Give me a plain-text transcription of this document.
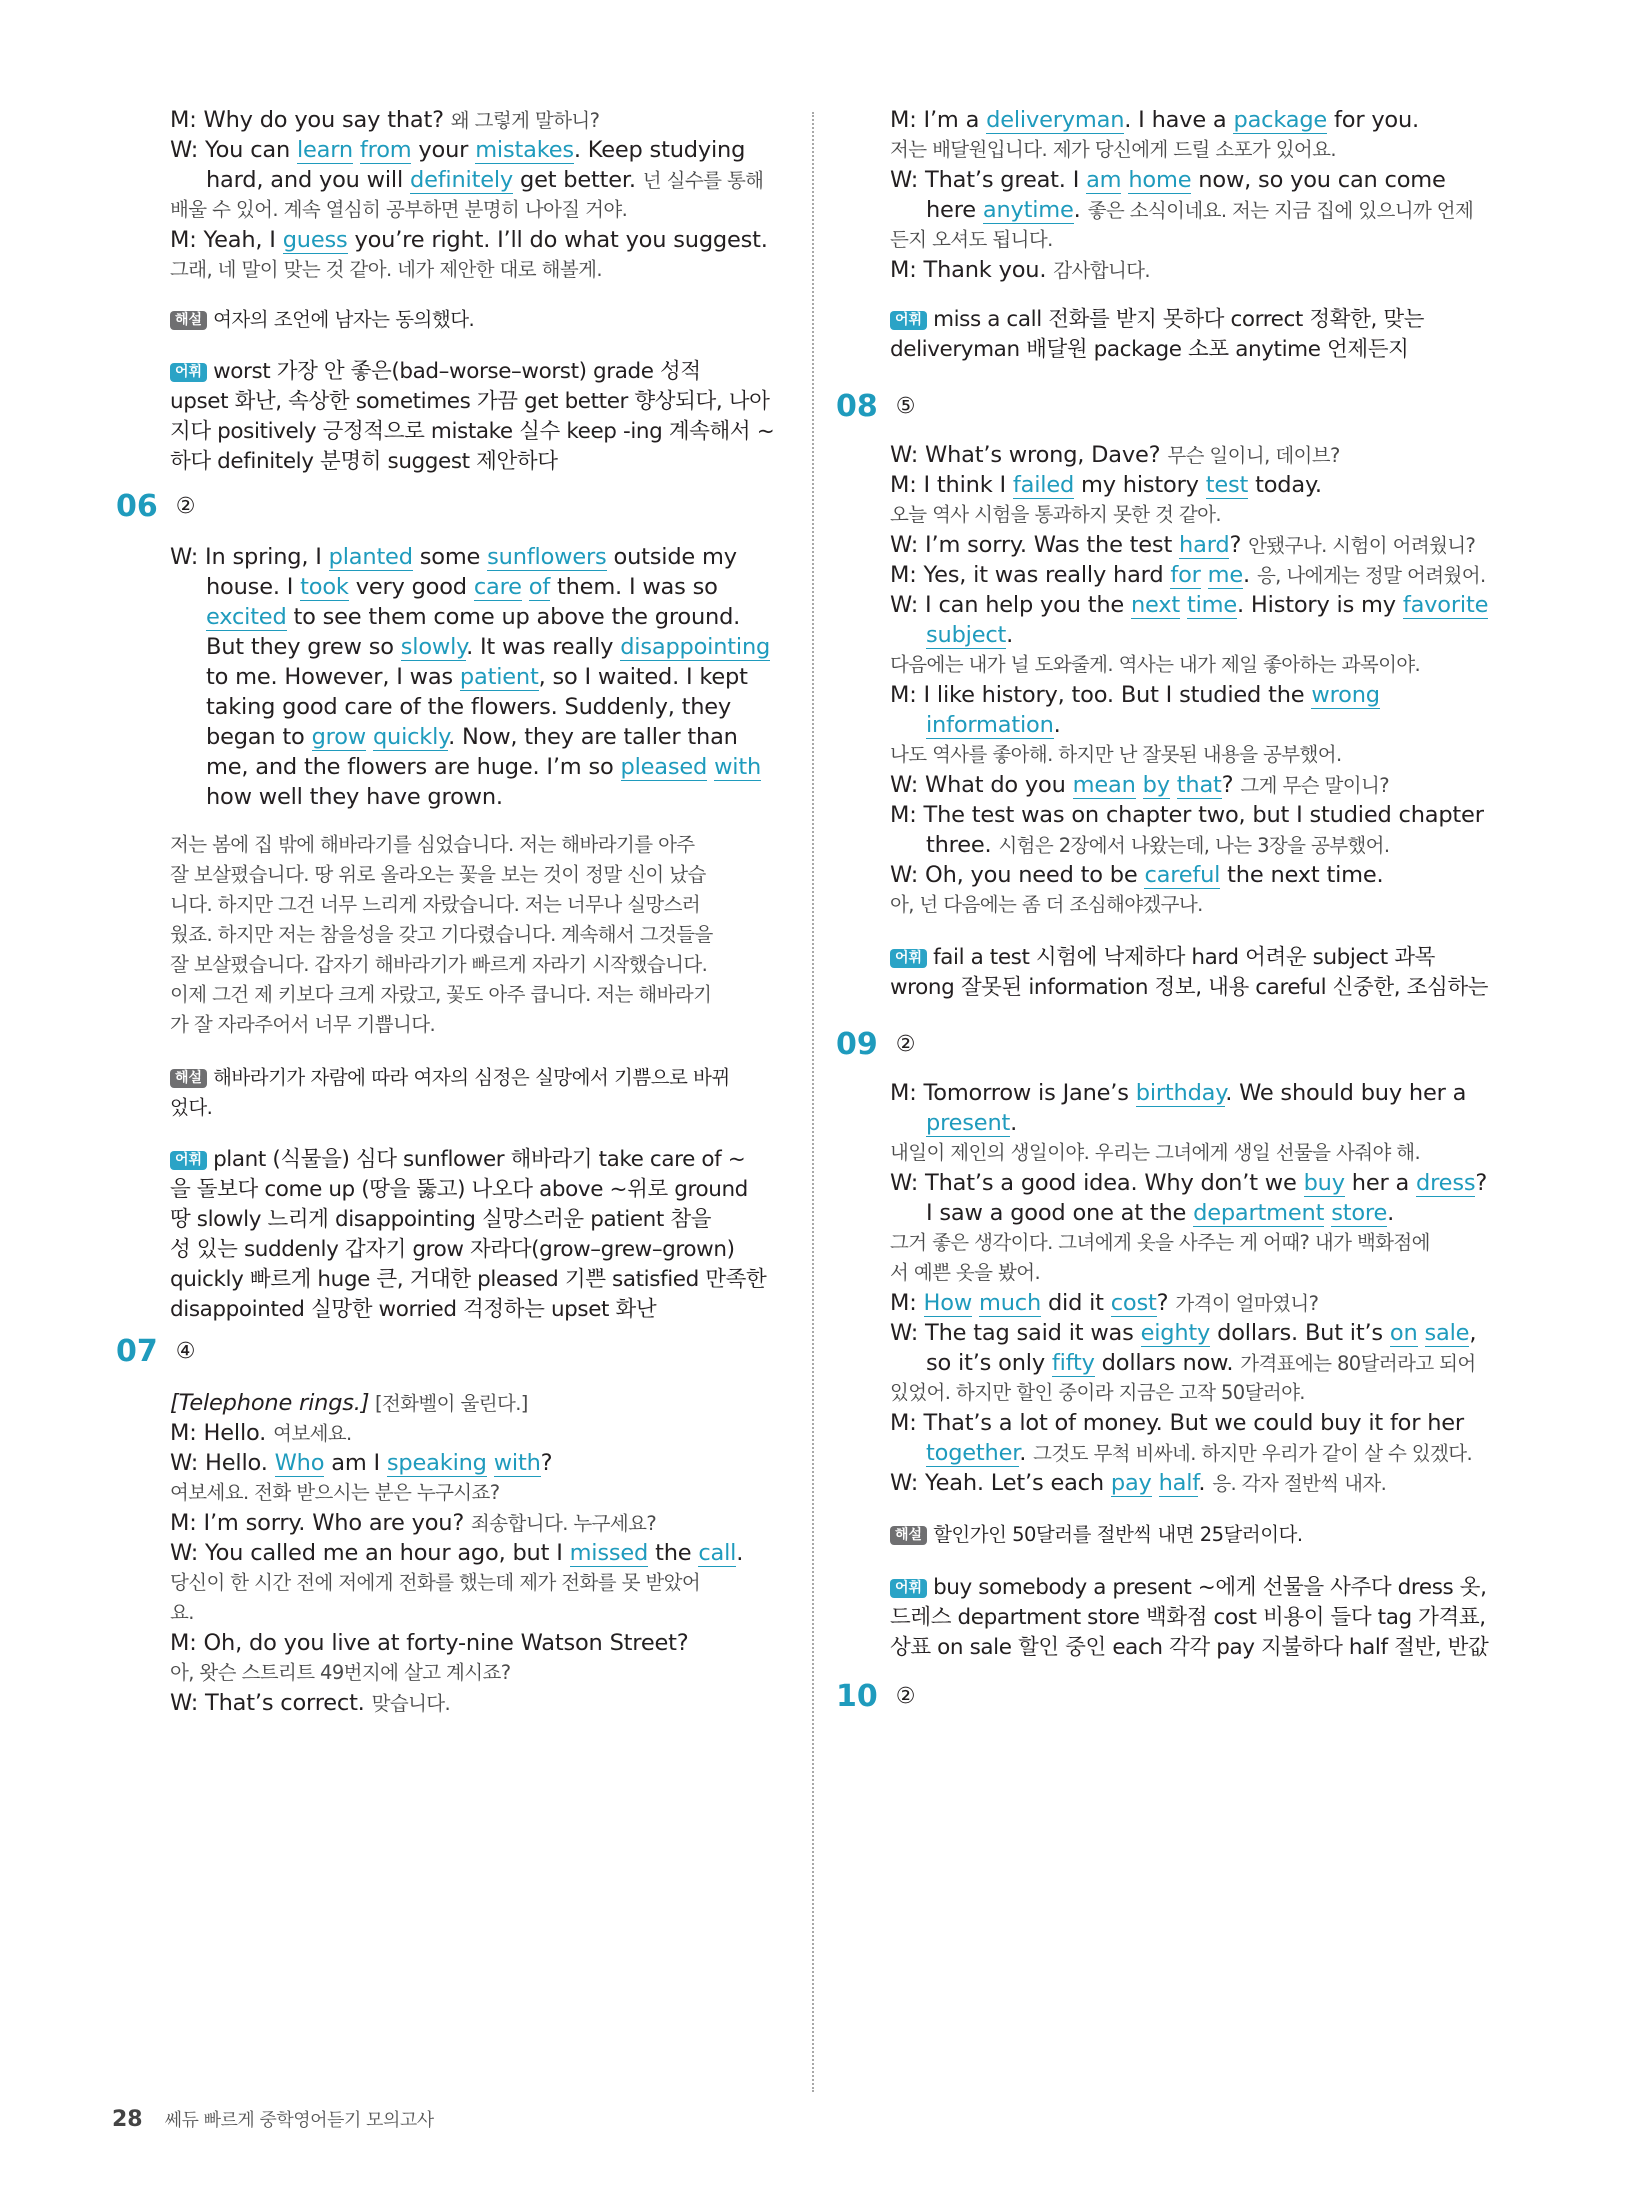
M: Why do you say that? 왜 그렇게 말하니?
W: You can learn from your mistakes. Keep studying
hard, and you will definitely get better. 넌 실수를 통해
배울 수 있어. 계속 열심히 공부하면 분명히 나아질 거야.
M: Yeah, I guess you’re right. I’ll do what you suggest.
그래, 네 말이 맞는 것 같아. 네가 제안한 대로 해볼게.
해설 여자의 조언에 남자는 동의했다.
어휘 worst 가장 안 좋은(bad–worse–worst) grade 성적
upset 화난, 속상한 sometimes 가끔 get better 향상되다, 나아
지다 positively 긍정적으로 mistake 실수 keep -ing 계속해서 ~
하다 definitely 분명히 suggest 제안하다
06 ②
W: In spring, I planted some sunflowers outside my
house. I took very good care of them. I was so
excited to see them come up above the ground.
But they grew so slowly. It was really disappointing
to me. However, I was patient, so I waited. I kept
taking good care of the flowers. Suddenly, they
began to grow quickly. Now, they are taller than
me, and the flowers are huge. I’m so pleased with
how well they have grown.
저는 봄에 집 밖에 해바라기를 심었습니다. 저는 해바라기를 아주
잘 보살폈습니다. 땅 위로 올라오는 꽃을 보는 것이 정말 신이 났습
니다. 하지만 그건 너무 느리게 자랐습니다. 저는 너무나 실망스러
웠죠. 하지만 저는 참을성을 갖고 기다렸습니다. 계속해서 그것들을
잘 보살폈습니다. 갑자기 해바라기가 빠르게 자라기 시작했습니다.
이제 그건 제 키보다 크게 자랐고, 꽃도 아주 큽니다. 저는 해바라기
가 잘 자라주어서 너무 기쁩니다.
해설 해바라기가 자람에 따라 여자의 심정은 실망에서 기쁨으로 바뀌
었다.
어휘 plant (식물을) 심다 sunflower 해바라기 take care of ~
을 돌보다 come up (땅을 뚫고) 나오다 above ~위로 ground
땅 slowly 느리게 disappointing 실망스러운 patient 참을
성 있는 suddenly 갑자기 grow 자라다(grow–grew–grown)
quickly 빠르게 huge 큰, 거대한 pleased 기쁜 satisfied 만족한
disappointed 실망한 worried 걱정하는 upset 화난
07 ④
[Telephone rings.] [전화벨이 울린다.]
M: Hello. 여보세요.
W: Hello. Who am I speaking with?
여보세요. 전화 받으시는 분은 누구시죠?
M: I’m sorry. Who are you? 죄송합니다. 누구세요?
W: You called me an hour ago, but I missed the call.
당신이 한 시간 전에 저에게 전화를 했는데 제가 전화를 못 받았어
요.
M: Oh, do you live at forty-nine Watson Street?
아, 왓슨 스트리트 49번지에 살고 계시죠?
W: That’s correct. 맞습니다.
M: I’m a deliveryman. I have a package for you.
저는 배달원입니다. 제가 당신에게 드릴 소포가 있어요.
W: That’s great. I am home now, so you can come
here anytime. 좋은 소식이네요. 저는 지금 집에 있으니까 언제
든지 오셔도 됩니다.
M: Thank you. 감사합니다.
어휘 miss a call 전화를 받지 못하다 correct 정확한, 맞는
deliveryman 배달원 package 소포 anytime 언제든지
08 ⑤
W: What’s wrong, Dave? 무슨 일이니, 데이브?
M: I think I failed my history test today.
오늘 역사 시험을 통과하지 못한 것 같아.
W: I’m sorry. Was the test hard? 안됐구나. 시험이 어려웠니?
M: Yes, it was really hard for me. 응, 나에게는 정말 어려웠어.
W: I can help you the next time. History is my favorite
subject.
다음에는 내가 널 도와줄게. 역사는 내가 제일 좋아하는 과목이야.
M: I like history, too. But I studied the wrong
information.
나도 역사를 좋아해. 하지만 난 잘못된 내용을 공부했어.
W: What do you mean by that? 그게 무슨 말이니?
M: The test was on chapter two, but I studied chapter
three. 시험은 2장에서 나왔는데, 나는 3장을 공부했어.
W: Oh, you need to be careful the next time.
아, 넌 다음에는 좀 더 조심해야겠구나.
어휘 fail a test 시험에 낙제하다 hard 어려운 subject 과목
wrong 잘못된 information 정보, 내용 careful 신중한, 조심하는
09 ②
M: Tomorrow is Jane’s birthday. We should buy her a
present.
내일이 제인의 생일이야. 우리는 그녀에게 생일 선물을 사줘야 해.
W: That’s a good idea. Why don’t we buy her a dress?
I saw a good one at the department store.
그거 좋은 생각이다. 그녀에게 옷을 사주는 게 어때? 내가 백화점에
서 예쁜 옷을 봤어.
M: How much did it cost? 가격이 얼마였니?
W: The tag said it was eighty dollars. But it’s on sale,
so it’s only fifty dollars now. 가격표에는 80달러라고 되어
있었어. 하지만 할인 중이라 지금은 고작 50달러야.
M: That’s a lot of money. But we could buy it for her
together. 그것도 무척 비싸네. 하지만 우리가 같이 살 수 있겠다.
W: Yeah. Let’s each pay half. 응. 각자 절반씩 내자.
해설 할인가인 50달러를 절반씩 내면 25달러이다.
어휘 buy somebody a present ~에게 선물을 사주다 dress 옷,
드레스 department store 백화점 cost 비용이 들다 tag 가격표,
상표 on sale 할인 중인 each 각각 pay 지불하다 half 절반, 반값
10 ②
28 쎄듀 빠르게 중학영어듣기 모의고사
